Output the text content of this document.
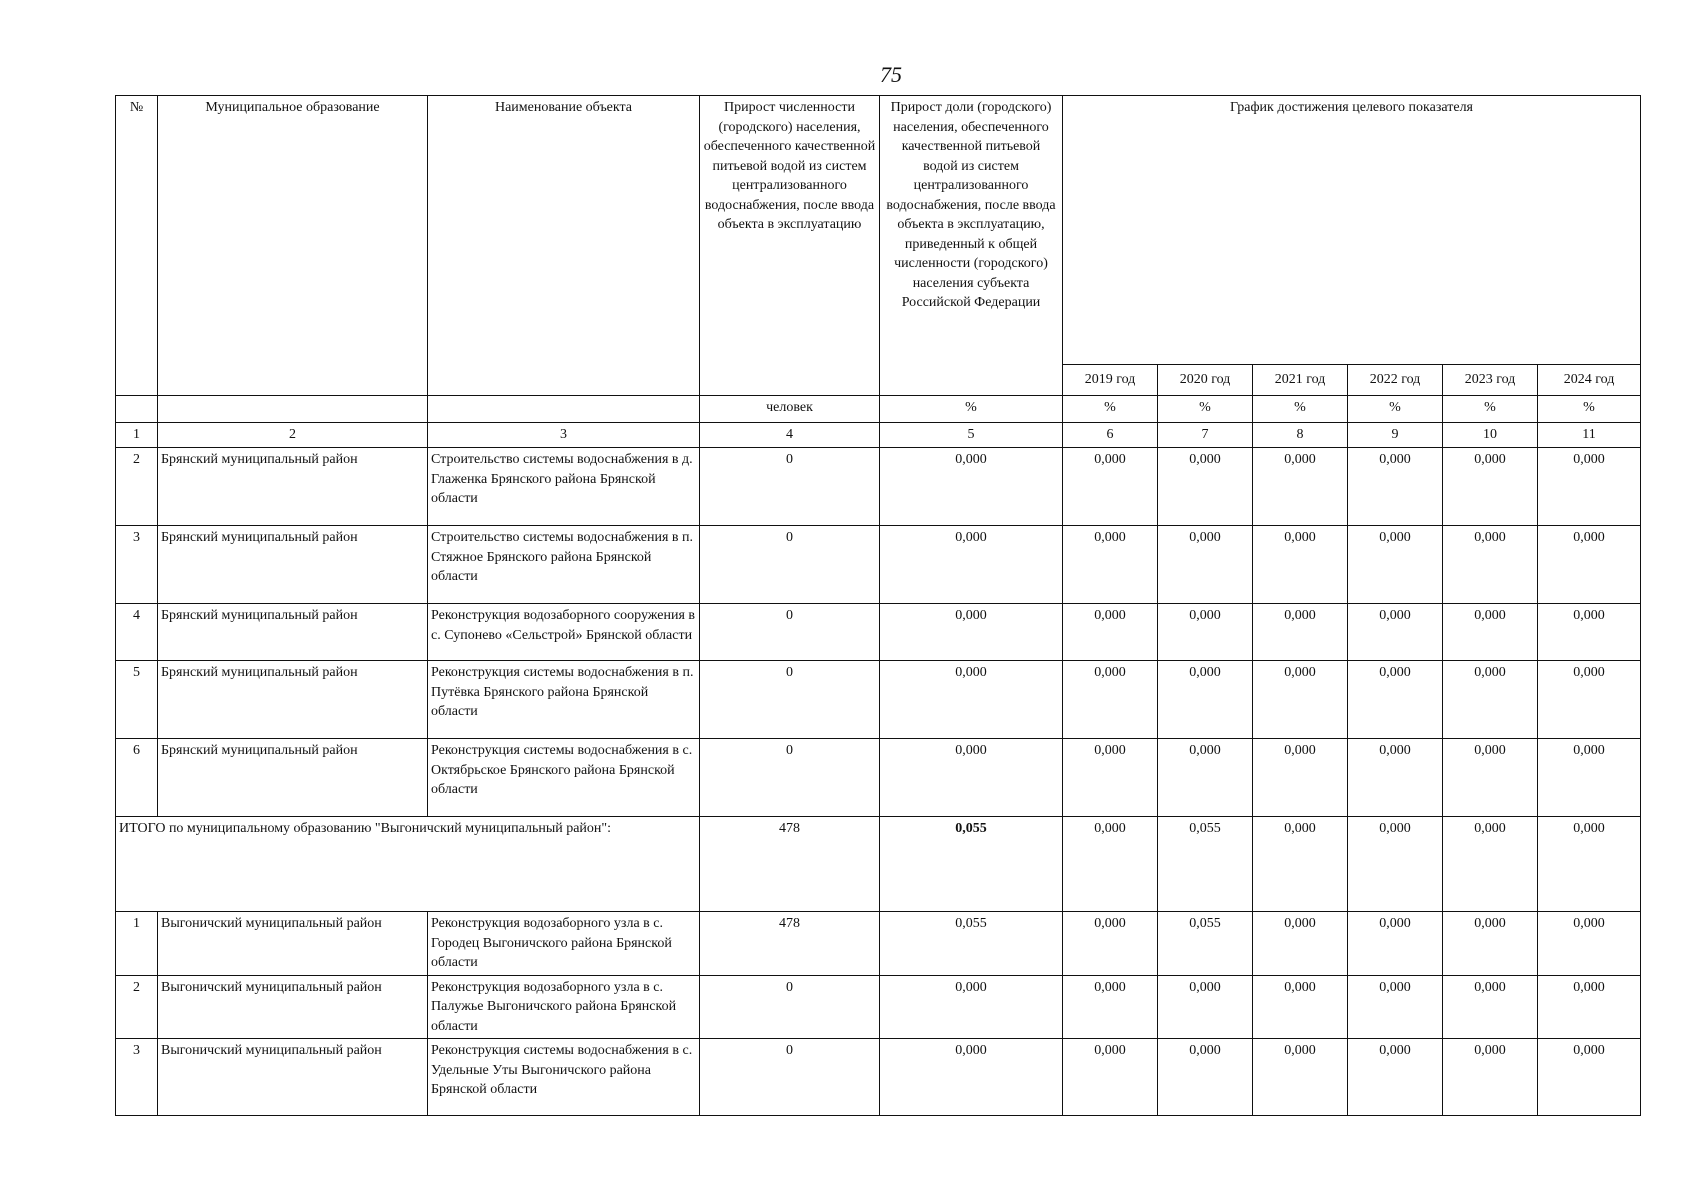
75
№	Муниципальное образование	Наименование объекта	Прирост численности (городского) населения, обеспеченного качественной питьевой водой из систем централизованного водоснабжения, после ввода объекта в эксплуатацию	Прирост доли (городского) населения, обеспеченного качественной питьевой водой из систем централизованного водоснабжения, после ввода объекта в эксплуатацию, приведенный к общей численности (городского) населения субъекта Российской Федерации	График достижения целевого показателя					
					2019 год	2020 год	2021 год	2022 год	2023 год	2024 год
			человек	%	%	%	%	%	%	%
1	2	3	4	5	6	7	8	9	10	11
2	Брянский муниципальный район	Строительство системы водоснабжения в д. Глаженка Брянского района Брянской области	0	0,000	0,000	0,000	0,000	0,000	0,000	0,000
3	Брянский муниципальный район	Строительство системы водоснабжения в п. Стяжное Брянского района Брянской области	0	0,000	0,000	0,000	0,000	0,000	0,000	0,000
4	Брянский муниципальный район	Реконструкция водозаборного сооружения в с. Супонево «Сельстрой» Брянской области	0	0,000	0,000	0,000	0,000	0,000	0,000	0,000
5	Брянский муниципальный район	Реконструкция системы водоснабжения в п. Путёвка Брянского района Брянской области	0	0,000	0,000	0,000	0,000	0,000	0,000	0,000
6	Брянский муниципальный район	Реконструкция системы водоснабжения в с. Октябрьское Брянского района Брянской области	0	0,000	0,000	0,000	0,000	0,000	0,000	0,000
ИТОГО по муниципальному образованию "Выгоничский муниципальный район":			478	0,055	0,000	0,055	0,000	0,000	0,000	0,000
1	Выгоничский муниципальный район	Реконструкция водозаборного узла в с. Городец Выгоничского района Брянской области	478	0,055	0,000	0,055	0,000	0,000	0,000	0,000
2	Выгоничский муниципальный район	Реконструкция водозаборного узла в с. Палужье Выгоничского района Брянской области	0	0,000	0,000	0,000	0,000	0,000	0,000	0,000
3	Выгоничский муниципальный район	Реконструкция системы водоснабжения в с. Удельные Уты Выгоничского района Брянской области	0	0,000	0,000	0,000	0,000	0,000	0,000	0,000
